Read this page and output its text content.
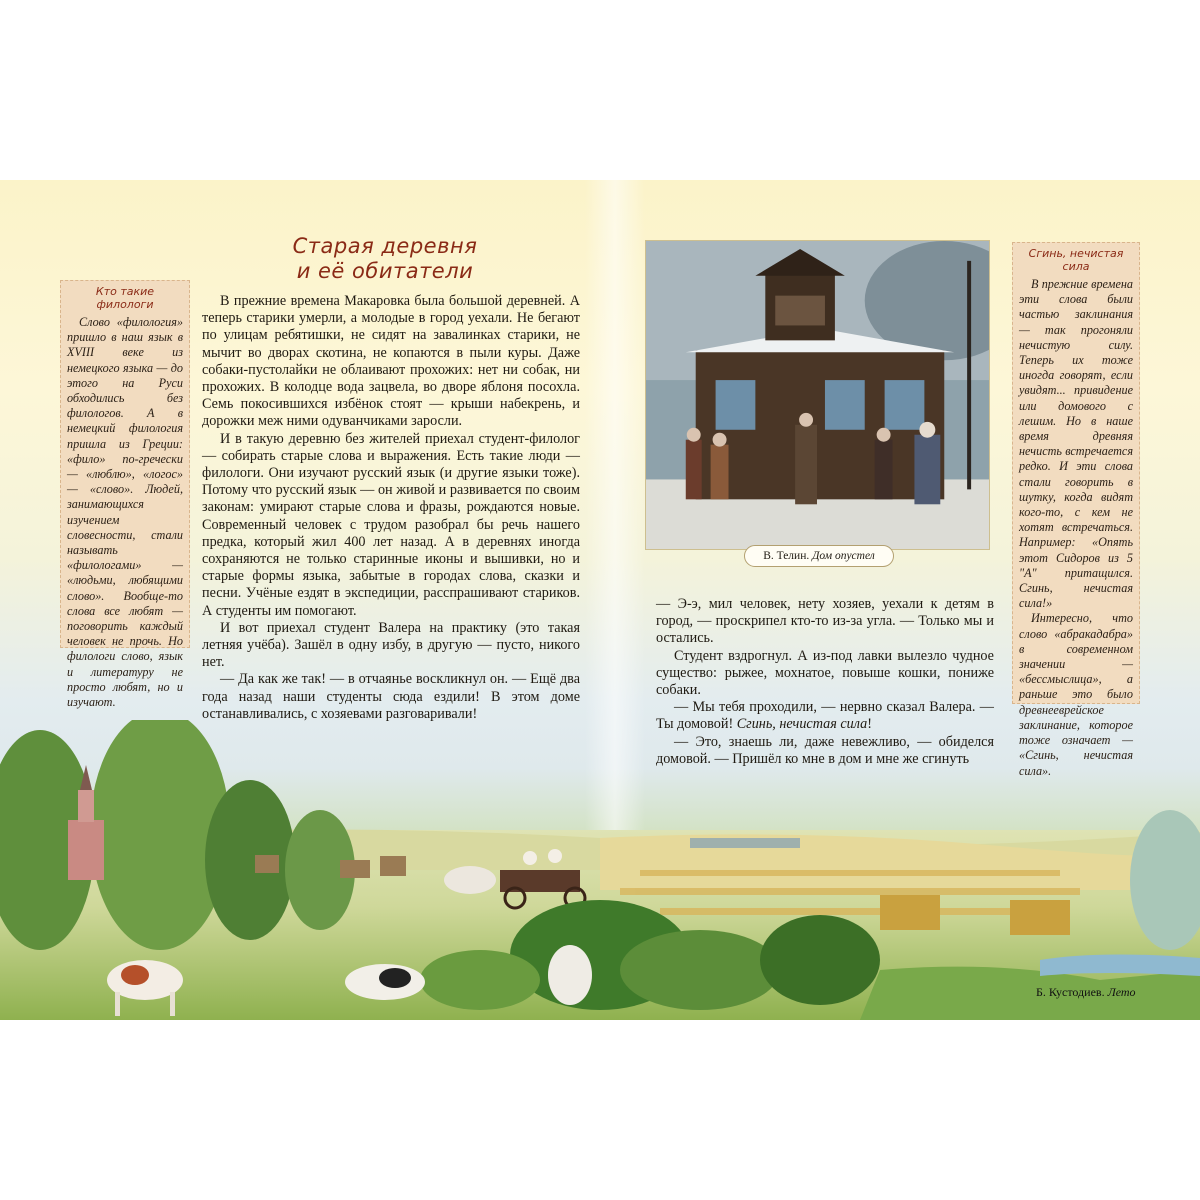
Старая деревня
и её обитатели
Кто такие
филологи

Слово «филология» пришло в наш язык в XVIII веке из немецкого языка — до этого на Руси обходились без филологов. А в немецкий филология пришла из Греции: «фило» по-гречески — «люблю», «логос» — «слово». Людей, занимающихся изучением словесности, стали называть «филологами» — «людьми, любящими слово». Вообще-то слова все любят — поговорить каждый человек не прочь. Но филологи слово, язык и литературу не просто любят, но и изучают.

В прежние времена Макаровка была большой деревней. А теперь старики умерли, а молодые в город уехали. Не бегают по улицам ребятишки, не сидят на завалинках старики, не мычит во дворах скотина, не копаются в пыли куры. Даже собаки-пустолайки не облаивают прохожих: нет ни собак, ни прохожих. В колодце вода зацвела, во дворе яблоня посохла. Семь покосившихся избёнок стоят — крыши набекрень, и дорожки меж ними одуванчиками заросли.

И в такую деревню без жителей приехал студент-филолог — собирать старые слова и выражения. Есть такие люди — филологи. Они изучают русский язык (и другие языки тоже). Потому что русский язык — он живой и развивается по своим законам: умирают старые слова и фразы, рождаются новые. Современный человек с трудом разобрал бы речь нашего предка, который жил 400 лет назад. А в деревнях иногда сохраняются не только старинные иконы и вышивки, но и старые формы языка, забытые в городах слова, сказки и песни. Учёные ездят в экспедиции, расспрашивают стариков. А студенты им помогают.

И вот приехал студент Валера на практику (это такая летняя учёба). Зашёл в одну избу, в другую — пусто, никого нет.

— Да как же так! — в отчаянье воскликнул он. — Ещё два года назад наши студенты сюда ездили! В этом доме останавливались, с хозяевами разговаривали!

В. Телин. Дом опустел

— Э-э, мил человек, нету хозяев, уехали к детям в город, — проскрипел кто-то из-за угла. — Только мы и остались.

Студент вздрогнул. А из-под лавки вылезло чудное существо: рыжее, мохнатое, повыше кошки, пониже собаки.

— Мы тебя проходили, — нервно сказал Валера. — Ты домовой! Сгинь, нечистая сила!

— Это, знаешь ли, даже невежливо, — обиделся домовой. — Пришёл ко мне в дом и мне же сгинуть

Сгинь, нечистая
сила

В прежние времена эти слова были частью заклинания — так прогоняли нечистую силу. Теперь их тоже иногда говорят, если увидят... привидение или домового с лешим. Но в наше время древняя нечисть встречается редко. И эти слова стали говорить в шутку, когда видят кого-то, с кем не хотят встречаться. Например: «Опять этот Сидоров из 5 "А" притащился. Сгинь, нечистая сила!»

Интересно, что слово «абракадабра» в современном значении — «бессмыслица», а раньше это было древнееврейское заклинание, которое тоже означает — «Сгинь, нечистая сила».

Б. Кустодиев. Лето
